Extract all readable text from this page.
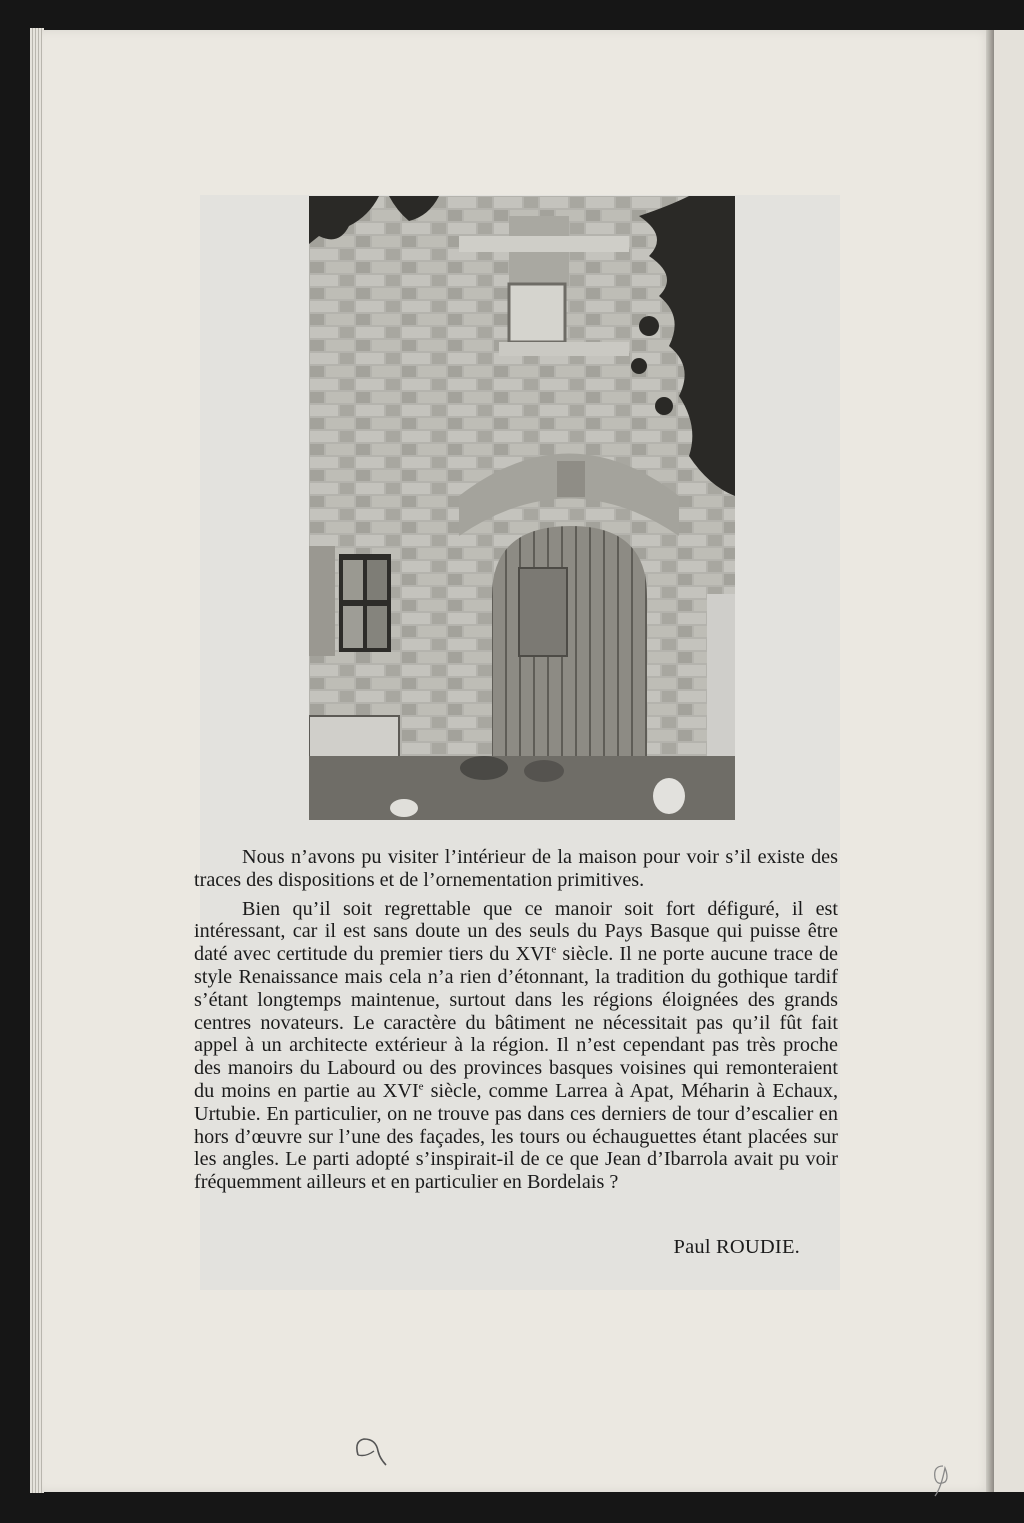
Nous n’avons pu visiter l’intérieur de la maison pour voir s’il existe des traces des dispositions et de l’ornementation primitives.

Bien qu’il soit regrettable que ce manoir soit fort défiguré, il est intéressant, car il est sans doute un des seuls du Pays Basque qui puisse être daté avec certitude du premier tiers du XVIe siècle. Il ne porte aucune trace de style Renaissance mais cela n’a rien d’étonnant, la tradition du gothique tardif s’étant longtemps maintenue, surtout dans les régions éloignées des grands centres novateurs. Le caractère du bâtiment ne nécessitait pas qu’il fût fait appel à un architecte extérieur à la région. Il n’est cependant pas très proche des manoirs du Labourd ou des provinces basques voisines qui remonteraient du moins en partie au XVIe siècle, comme Larrea à Apat, Méharin à Echaux, Urtubie. En particulier, on ne trouve pas dans ces derniers de tour d’escalier en hors d’œuvre sur l’une des façades, les tours ou échauguettes étant placées sur les angles. Le parti adopté s’inspirait-il de ce que Jean d’Ibarrola avait pu voir fréquemment ailleurs et en particulier en Bordelais ?

Paul ROUDIE.
